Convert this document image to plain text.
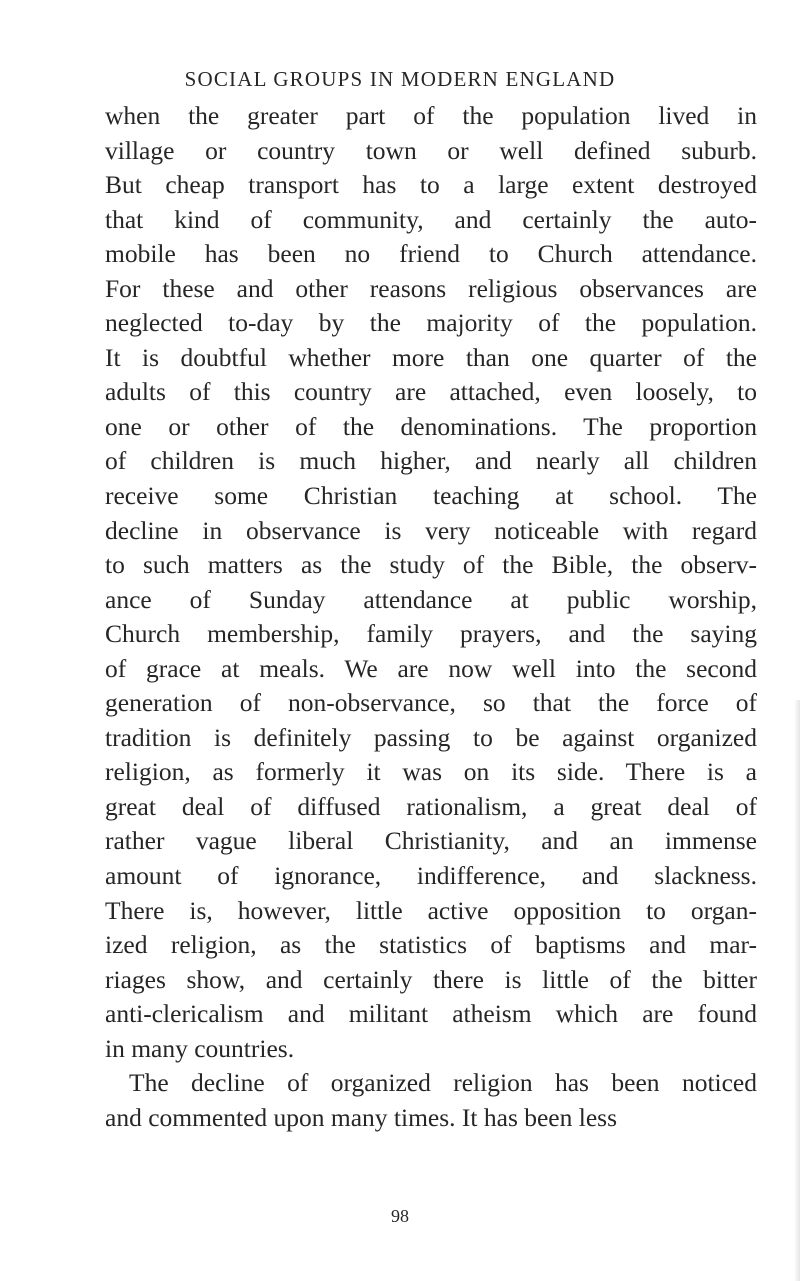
SOCIAL GROUPS IN MODERN ENGLAND
when the greater part of the population lived in
village or country town or well defined suburb.
But cheap transport has to a large extent destroyed
that kind of community, and certainly the auto-
mobile has been no friend to Church attendance.
For these and other reasons religious observances are
neglected to-day by the majority of the population.
It is doubtful whether more than one quarter of the
adults of this country are attached, even loosely, to
one or other of the denominations. The proportion
of children is much higher, and nearly all children
receive some Christian teaching at school. The
decline in observance is very noticeable with regard
to such matters as the study of the Bible, the observ-
ance of Sunday attendance at public worship,
Church membership, family prayers, and the saying
of grace at meals. We are now well into the second
generation of non-observance, so that the force of
tradition is definitely passing to be against organized
religion, as formerly it was on its side. There is a
great deal of diffused rationalism, a great deal of
rather vague liberal Christianity, and an immense
amount of ignorance, indifference, and slackness.
There is, however, little active opposition to organ-
ized religion, as the statistics of baptisms and mar-
riages show, and certainly there is little of the bitter
anti-clericalism and militant atheism which are found
in many countries.
The decline of organized religion has been noticed
and commented upon many times. It has been less
98
